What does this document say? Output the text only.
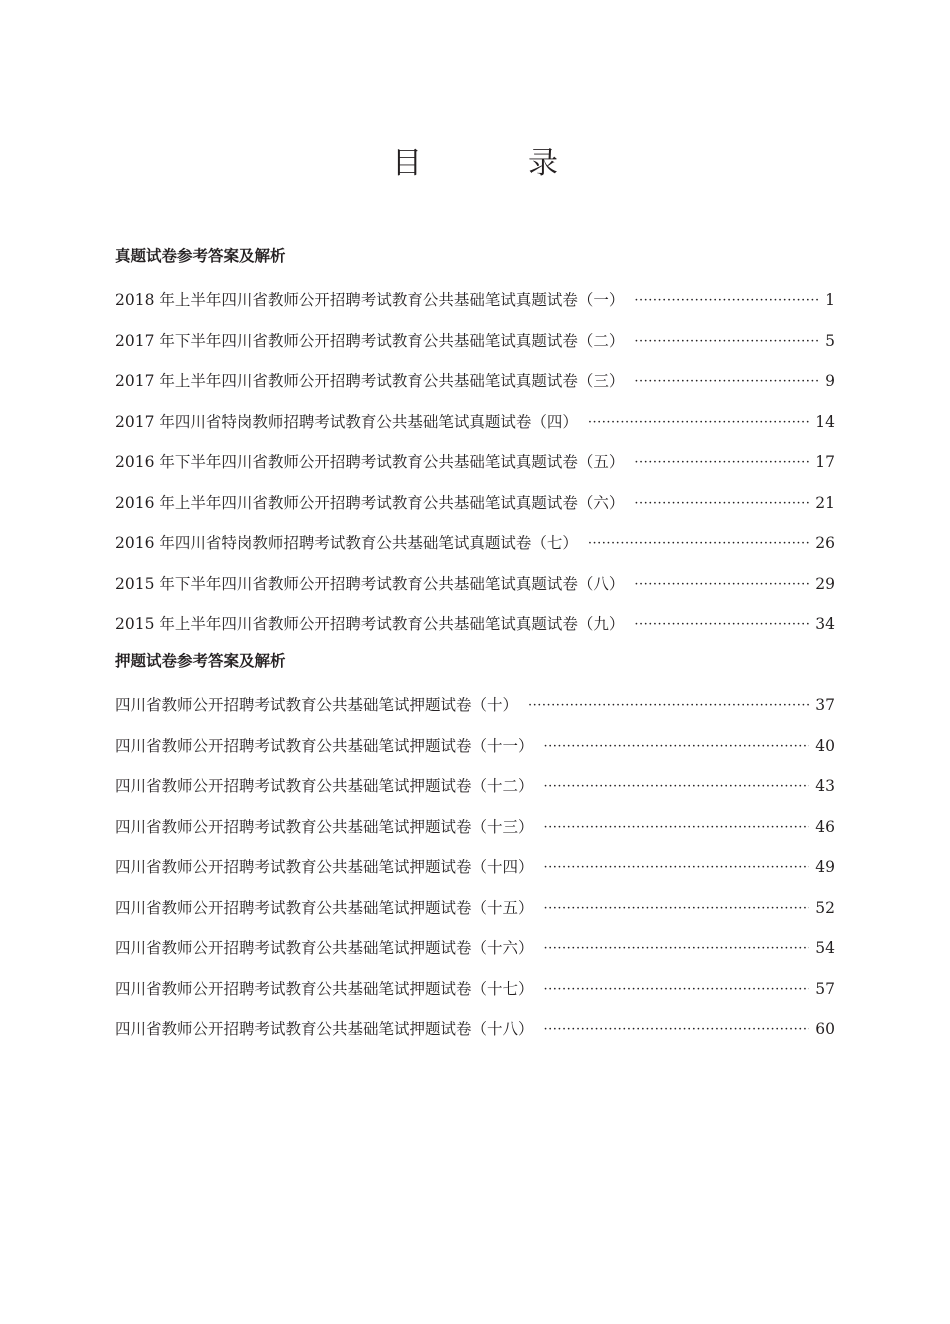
目　录
真题试卷参考答案及解析
2018 年上半年四川省教师公开招聘考试教育公共基础笔试真题试卷（一） ·····	1
2017 年下半年四川省教师公开招聘考试教育公共基础笔试真题试卷（二） ·····	5
2017 年上半年四川省教师公开招聘考试教育公共基础笔试真题试卷（三） ·····	9
2017 年四川省特岗教师招聘考试教育公共基础笔试真题试卷（四） ·····	14
2016 年下半年四川省教师公开招聘考试教育公共基础笔试真题试卷（五） ·····	17
2016 年上半年四川省教师公开招聘考试教育公共基础笔试真题试卷（六） ·····	21
2016 年四川省特岗教师招聘考试教育公共基础笔试真题试卷（七） ·····	26
2015 年下半年四川省教师公开招聘考试教育公共基础笔试真题试卷（八） ·····	29
2015 年上半年四川省教师公开招聘考试教育公共基础笔试真题试卷（九） ·····	34
押题试卷参考答案及解析
四川省教师公开招聘考试教育公共基础笔试押题试卷（十） ·····	37
四川省教师公开招聘考试教育公共基础笔试押题试卷（十一） ·····	40
四川省教师公开招聘考试教育公共基础笔试押题试卷（十二） ·····	43
四川省教师公开招聘考试教育公共基础笔试押题试卷（十三） ·····	46
四川省教师公开招聘考试教育公共基础笔试押题试卷（十四） ·····	49
四川省教师公开招聘考试教育公共基础笔试押题试卷（十五） ·····	52
四川省教师公开招聘考试教育公共基础笔试押题试卷（十六） ·····	54
四川省教师公开招聘考试教育公共基础笔试押题试卷（十七） ·····	57
四川省教师公开招聘考试教育公共基础笔试押题试卷（十八） ·····	60
